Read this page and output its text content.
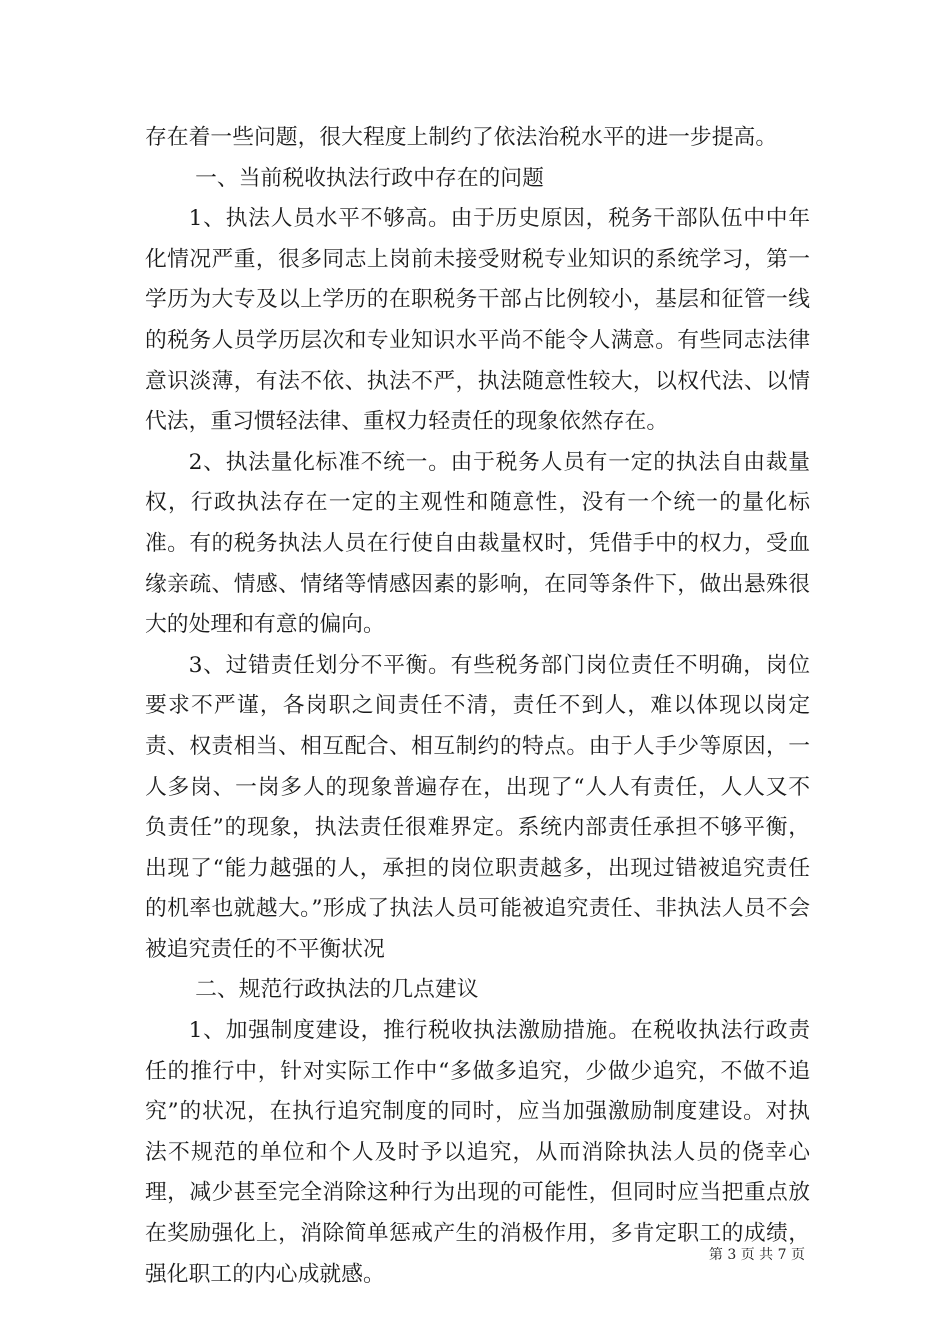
存在着一些问题，很大程度上制约了依法治税水平的进一步提高。

一、当前税收执法行政中存在的问题

1、执法人员水平不够高。由于历史原因，税务干部队伍中中年化情况严重，很多同志上岗前未接受财税专业知识的系统学习，第一学历为大专及以上学历的在职税务干部占比例较小，基层和征管一线的税务人员学历层次和专业知识水平尚不能令人满意。有些同志法律意识淡薄，有法不依、执法不严，执法随意性较大，以权代法、以情代法，重习惯轻法律、重权力轻责任的现象依然存在。

2、执法量化标准不统一。由于税务人员有一定的执法自由裁量权，行政执法存在一定的主观性和随意性，没有一个统一的量化标准。有的税务执法人员在行使自由裁量权时，凭借手中的权力，受血缘亲疏、情感、情绪等情感因素的影响，在同等条件下，做出悬殊很大的处理和有意的偏向。

3、过错责任划分不平衡。有些税务部门岗位责任不明确，岗位要求不严谨，各岗职之间责任不清，责任不到人，难以体现以岗定责、权责相当、相互配合、相互制约的特点。由于人手少等原因，一人多岗、一岗多人的现象普遍存在，出现了“人人有责任，人人又不负责任”的现象，执法责任很难界定。系统内部责任承担不够平衡，出现了“能力越强的人，承担的岗位职责越多，出现过错被追究责任的机率也就越大。”形成了执法人员可能被追究责任、非执法人员不会被追究责任的不平衡状况

二、规范行政执法的几点建议

1、加强制度建设，推行税收执法激励措施。在税收执法行政责任的推行中，针对实际工作中“多做多追究，少做少追究，不做不追究”的状况，在执行追究制度的同时，应当加强激励制度建设。对执法不规范的单位和个人及时予以追究，从而消除执法人员的侥幸心理，减少甚至完全消除这种行为出现的可能性，但同时应当把重点放在奖励强化上，消除简单惩戒产生的消极作用，多肯定职工的成绩，强化职工的内心成就感。

第 3 页 共 7 页
